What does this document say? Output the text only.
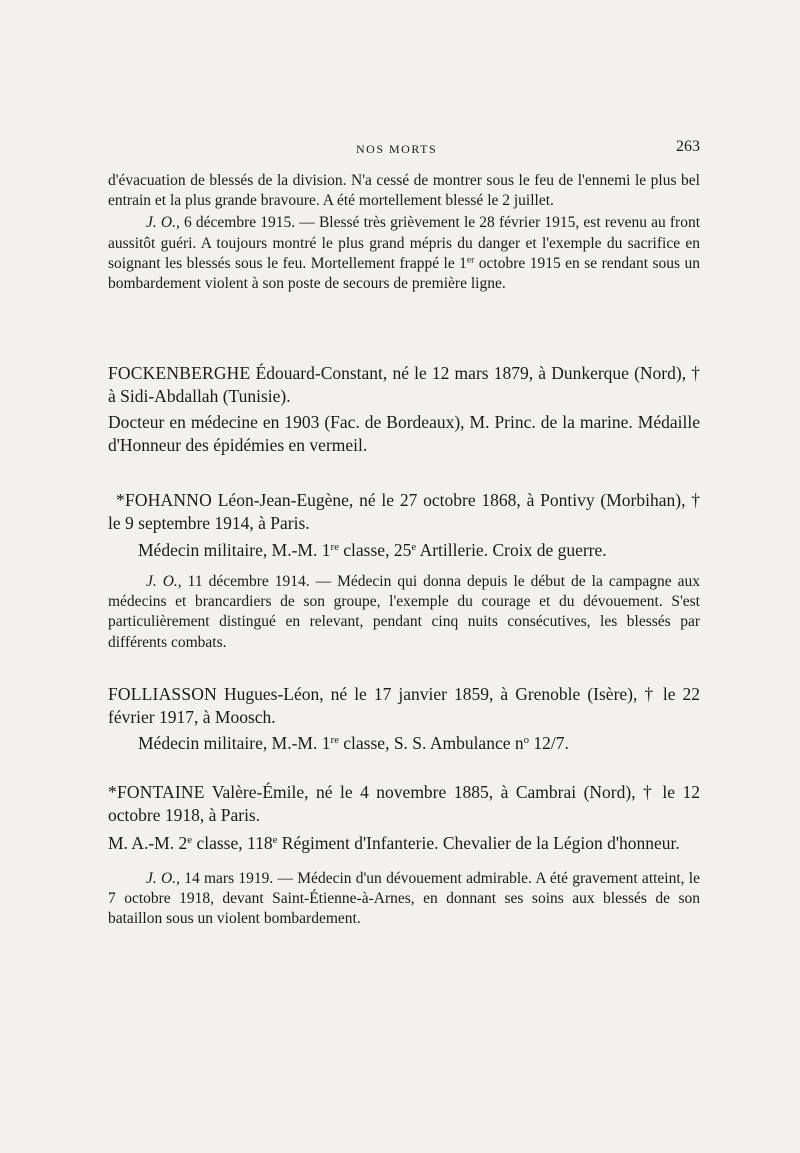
NOS MORTS	263

d'évacuation de blessés de la division. N'a cessé de montrer sous le feu de l'ennemi le plus bel entrain et la plus grande bravoure. A été mortellement blessé le 2 juillet.

J. O., 6 décembre 1915. — Blessé très grièvement le 28 février 1915, est revenu au front aussitôt guéri. A toujours montré le plus grand mépris du danger et l'exemple du sacrifice en soignant les blessés sous le feu. Mortellement frappé le 1er octobre 1915 en se rendant sous un bombardement violent à son poste de secours de première ligne.

FOCKENBERGHE Édouard-Constant, né le 12 mars 1879, à Dunkerque (Nord), † à Sidi-Abdallah (Tunisie).

Docteur en médecine en 1903 (Fac. de Bordeaux), M. Princ. de la marine. Médaille d'Honneur des épidémies en vermeil.

*FOHANNO Léon-Jean-Eugène, né le 27 octobre 1868, à Pontivy (Morbihan), † le 9 septembre 1914, à Paris.

Médecin militaire, M.-M. 1re classe, 25e Artillerie. Croix de guerre.

J. O., 11 décembre 1914. — Médecin qui donna depuis le début de la campagne aux médecins et brancardiers de son groupe, l'exemple du courage et du dévouement. S'est particulièrement distingué en relevant, pendant cinq nuits consécutives, les blessés par différents combats.

FOLLIASSON Hugues-Léon, né le 17 janvier 1859, à Grenoble (Isère), † le 22 février 1917, à Moosch.

Médecin militaire, M.-M. 1re classe, S. S. Ambulance $n^o$ 12/7.

*FONTAINE Valère-Émile, né le 4 novembre 1885, à Cambrai (Nord), † le 12 octobre 1918, à Paris.

M. A.-M. 2e classe, 118e Régiment d'Infanterie. Chevalier de la Légion d'honneur.

J. O., 14 mars 1919. — Médecin d'un dévouement admirable. A été gravement atteint, le 7 octobre 1918, devant Saint-Étienne-à-Arnes, en donnant ses soins aux blessés de son bataillon sous un violent bombardement.
